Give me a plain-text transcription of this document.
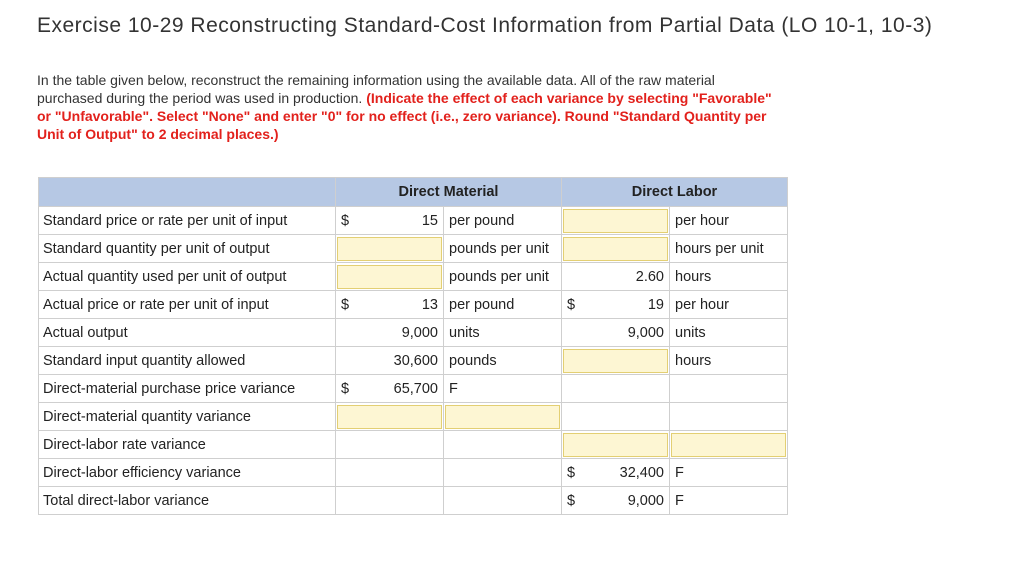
Exercise 10-29 Reconstructing Standard-Cost Information from Partial Data (LO 10-1, 10-3)
In the table given below, reconstruct the remaining information using the available data. All of the raw material purchased during the period was used in production. (Indicate the effect of each variance by selecting "Favorable" or "Unfavorable". Select "None" and enter "0" for no effect (i.e., zero variance). Round "Standard Quantity per Unit of Output" to 2 decimal places.)
	Direct Material		Direct Labor	
Standard price or rate per unit of input	$ 15	per pound		per hour
Standard quantity per unit of output		pounds per unit		hours per unit
Actual quantity used per unit of output		pounds per unit	2.60	hours
Actual price or rate per unit of input	$ 13	per pound	$ 19	per hour
Actual output	9,000	units	9,000	units
Standard input quantity allowed	30,600	pounds		hours
Direct-material purchase price variance	$ 65,700	F		
Direct-material quantity variance	

Direct-labor rate variance			

Direct-labor efficiency variance			$ 32,400	F
Total direct-labor variance			$ 9,000	F
